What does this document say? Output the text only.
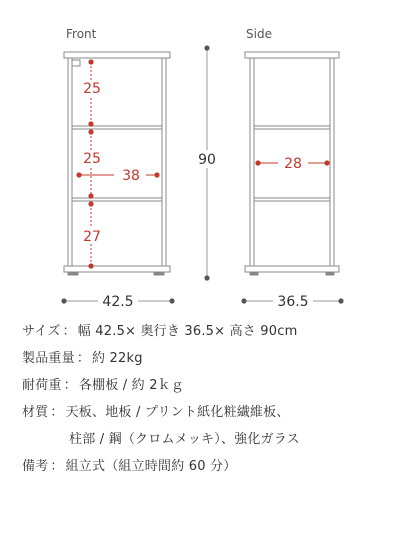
Front	Side
25
25
27
38
90	28
42.5	36.5
サイズ ： 幅 42.5× 奥行き 36.5× 高さ 90cm
製品重量 ： 約 22kg
耐荷重 ： 各棚板 / 約 2ｋｇ
材質 ： 天板、地板 / プリント紙化粧繊維板、
柱部 / 鋼（クロムメッキ）、強化ガラス
備考 ： 組立式（組立時間約 60 分）
